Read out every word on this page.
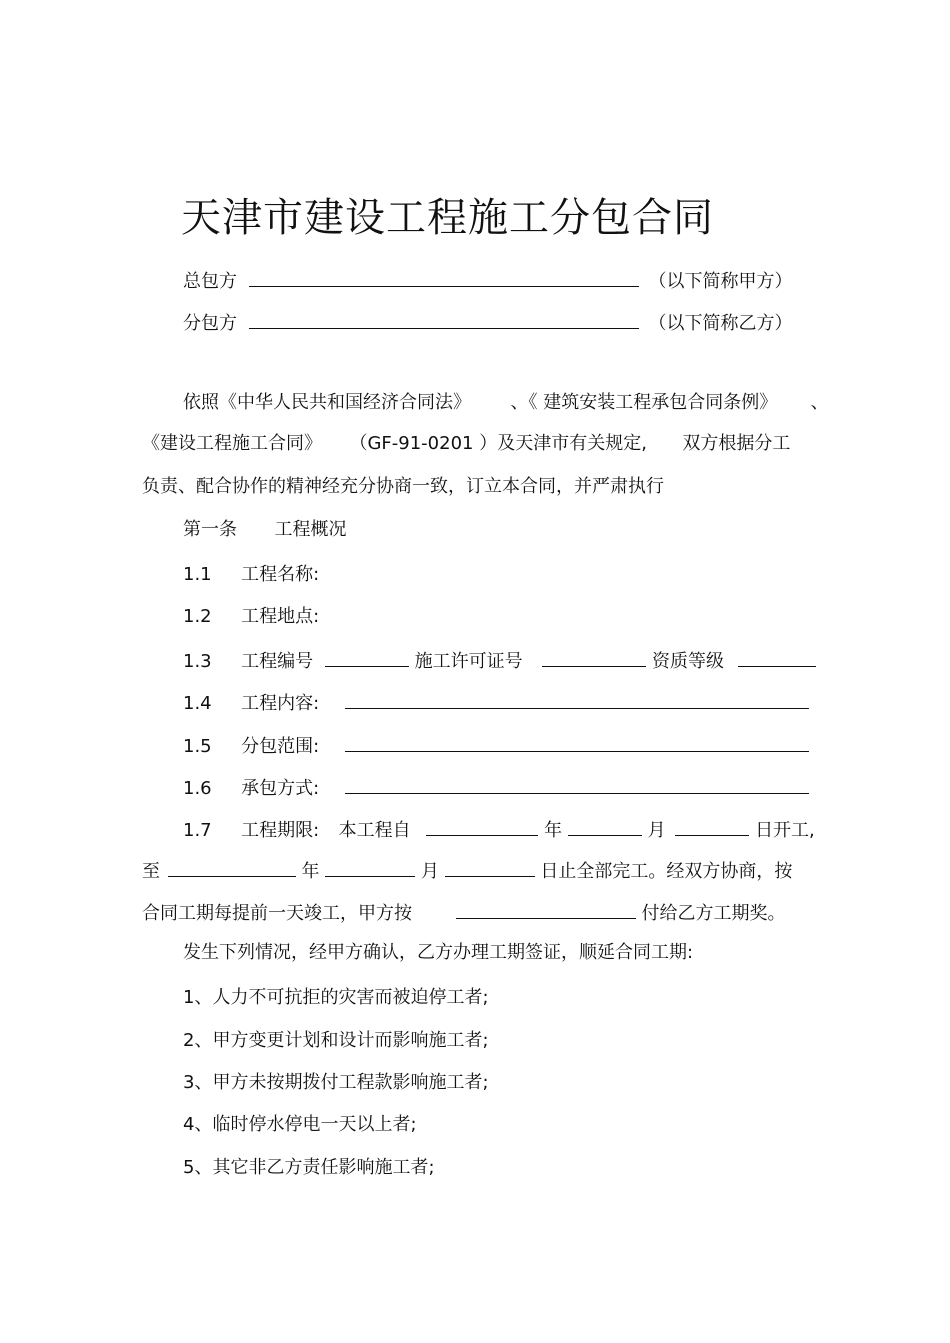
天津市建设工程施工分包合同
总包方	（以下简称甲方）
分包方	（以下简称乙方）
依照《中华人民共和国经济合同法》 、《 建筑安装工程承包合同条例》 、
《建设工程施工合同》 （GF-91-0201 ）及天津市有关规定, 双方根据分工
负责、配合协作的精神经充分协商一致，订立本合同，并严肃执行
第一条 工程概况
1.1 工程名称:
1.2 工程地点:
1.3 工程编号	施工许可证号	资质等级
1.4 工程内容:
1.5 分包范围:
1.6 承包方式:
1.7 工程期限: 本工程自	年	月	日开工,
至	年	月	日止全部完工。经双方协商，按
合同工期每提前一天竣工，甲方按	付给乙方工期奖。
发生下列情况，经甲方确认，乙方办理工期签证，顺延合同工期:
1、人力不可抗拒的灾害而被迫停工者;
2、甲方变更计划和设计而影响施工者;
3、甲方未按期拨付工程款影响施工者;
4、临时停水停电一天以上者;
5、其它非乙方责任影响施工者;
